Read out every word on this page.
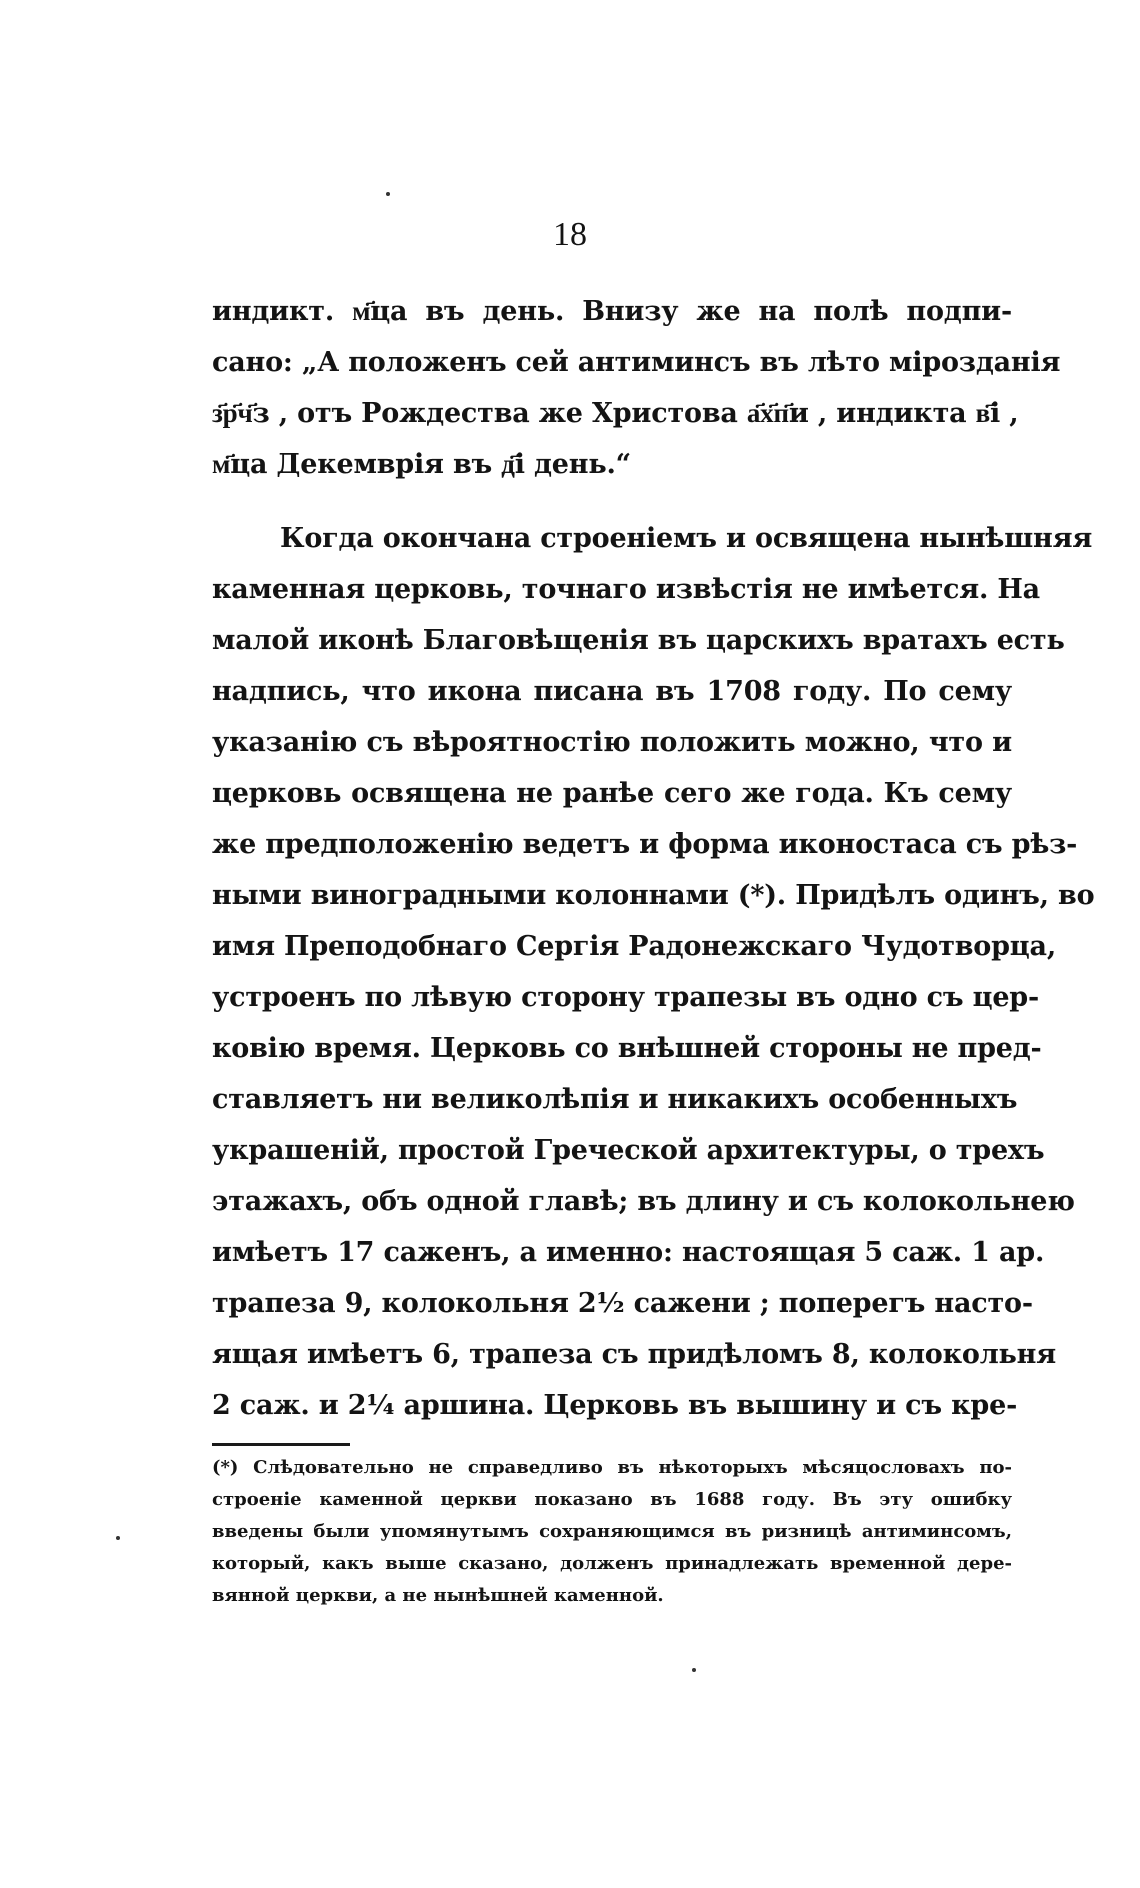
18
индикт. м҃ца въ день. Внизу же на полѣ подпи-
сано: „А положенъ сей антиминсъ въ лѣто міроздaнія
з҃р҃ч҃з , отъ Рождества же Христова а҃х҃п҃и , индикта в҃і ,
м҃ца Декемврія въ д҃і день.“
Когда окончана строеніемъ и освящена нынѣшняя
каменная церковь, точнаго извѣстія не имѣется. На
малой иконѣ Благовѣщенія въ царскихъ вратахъ есть
надпись, что икона писана въ 1708 году. По сему
указанію съ вѣроятностію положить можно, что и
церковь освящена не ранѣе сего же года. Къ сему
же предположенію ведетъ и форма иконостаса съ рѣз-
ными виноградными колоннами (*). Придѣлъ одинъ, во
имя Преподобнаго Сергія Радонежскаго Чудотворца,
устроенъ по лѣвую сторону трапезы въ одно съ цер-
ковію время. Церковь со внѣшней стороны не пред-
ставляетъ ни великолѣпія и никакихъ особенныхъ
украшеній, простой Греческой архитектуры, о трехъ
этажахъ, объ одной главѣ; въ длину и съ колокольнею
имѣетъ 17 саженъ, а именно: настоящая 5 саж. 1 ар.
трапеза 9, колокольня 2½ сажени ; поперегъ насто-
ящая имѣетъ 6, трапеза съ придѣломъ 8, колокольня
2 саж. и 2¼ аршина. Церковь въ вышину и съ кре-
(*) Слѣдовательно не справедливо въ нѣкоторыхъ мѣсяцословахъ по-
строеніе каменной церкви показано въ 1688 году. Въ эту ошибку
введены были упомянутымъ сохраняющимся въ ризницѣ антиминсомъ,
который, какъ выше сказано, долженъ принадлежать временной дере-
вянной церкви, а не нынѣшней каменной.
